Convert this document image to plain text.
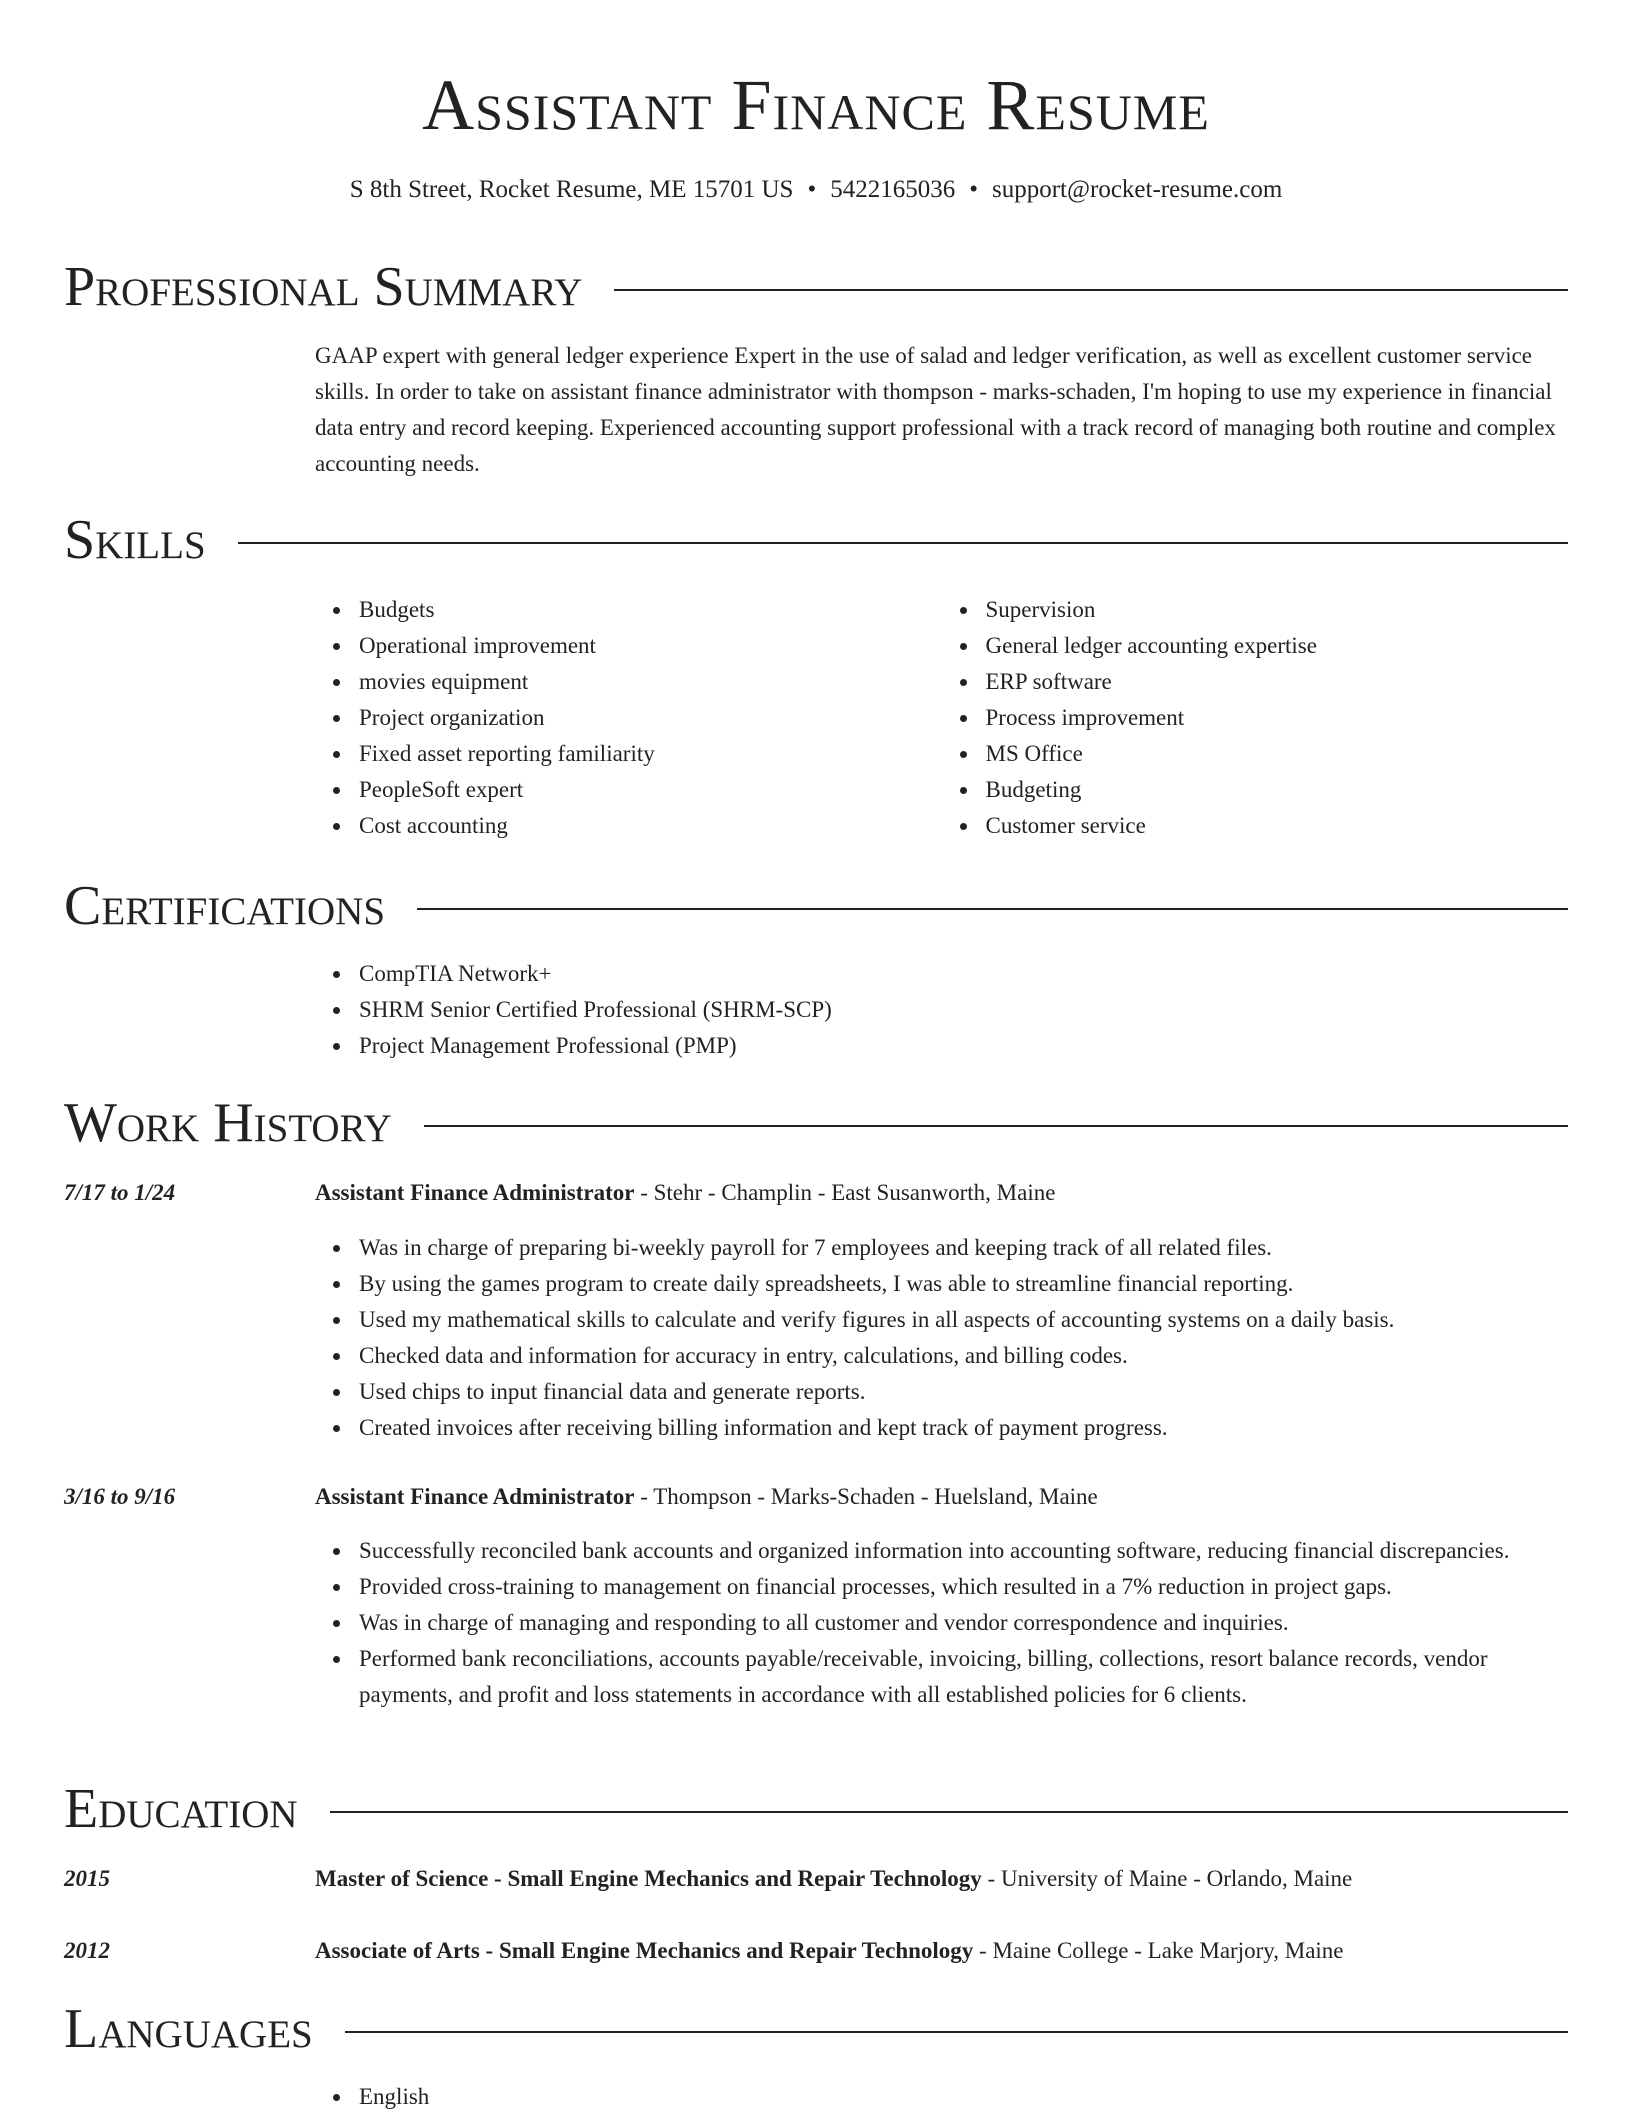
Assistant Finance Resume
S 8th Street, Rocket Resume, ME 15701 US • 5422165036 • support@rocket-resume.com
Professional Summary

GAAP expert with general ledger experience Expert in the use of salad and ledger verification, as well as excellent customer service skills. In order to take on assistant finance administrator with thompson - marks-schaden, I'm hoping to use my experience in financial data entry and record keeping. Experienced accounting support professional with a track record of managing both routine and complex accounting needs.

Skills
Budgets
Operational improvement
movies equipment
Project organization
Fixed asset reporting familiarity
PeopleSoft expert
Cost accounting
Supervision
General ledger accounting expertise
ERP software
Process improvement
MS Office
Budgeting
Customer service
Certifications
CompTIA Network+
SHRM Senior Certified Professional (SHRM-SCP)
Project Management Professional (PMP)
Work History
7/17 to 1/24	Assistant Finance Administrator - Stehr - Champlin - East Susanworth, Maine
Was in charge of preparing bi-weekly payroll for 7 employees and keeping track of all related files.
By using the games program to create daily spreadsheets, I was able to streamline financial reporting.
Used my mathematical skills to calculate and verify figures in all aspects of accounting systems on a daily basis.
Checked data and information for accuracy in entry, calculations, and billing codes.
Used chips to input financial data and generate reports.
Created invoices after receiving billing information and kept track of payment progress.
3/16 to 9/16	Assistant Finance Administrator - Thompson - Marks-Schaden - Huelsland, Maine
Successfully reconciled bank accounts and organized information into accounting software, reducing financial discrepancies.
Provided cross-training to management on financial processes, which resulted in a 7% reduction in project gaps.
Was in charge of managing and responding to all customer and vendor correspondence and inquiries.
Performed bank reconciliations, accounts payable/receivable, invoicing, billing, collections, resort balance records, vendor payments, and profit and loss statements in accordance with all established policies for 6 clients.
Education
2015	Master of Science - Small Engine Mechanics and Repair Technology - University of Maine - Orlando, Maine
2012	Associate of Arts - Small Engine Mechanics and Repair Technology - Maine College - Lake Marjory, Maine
Languages
English
